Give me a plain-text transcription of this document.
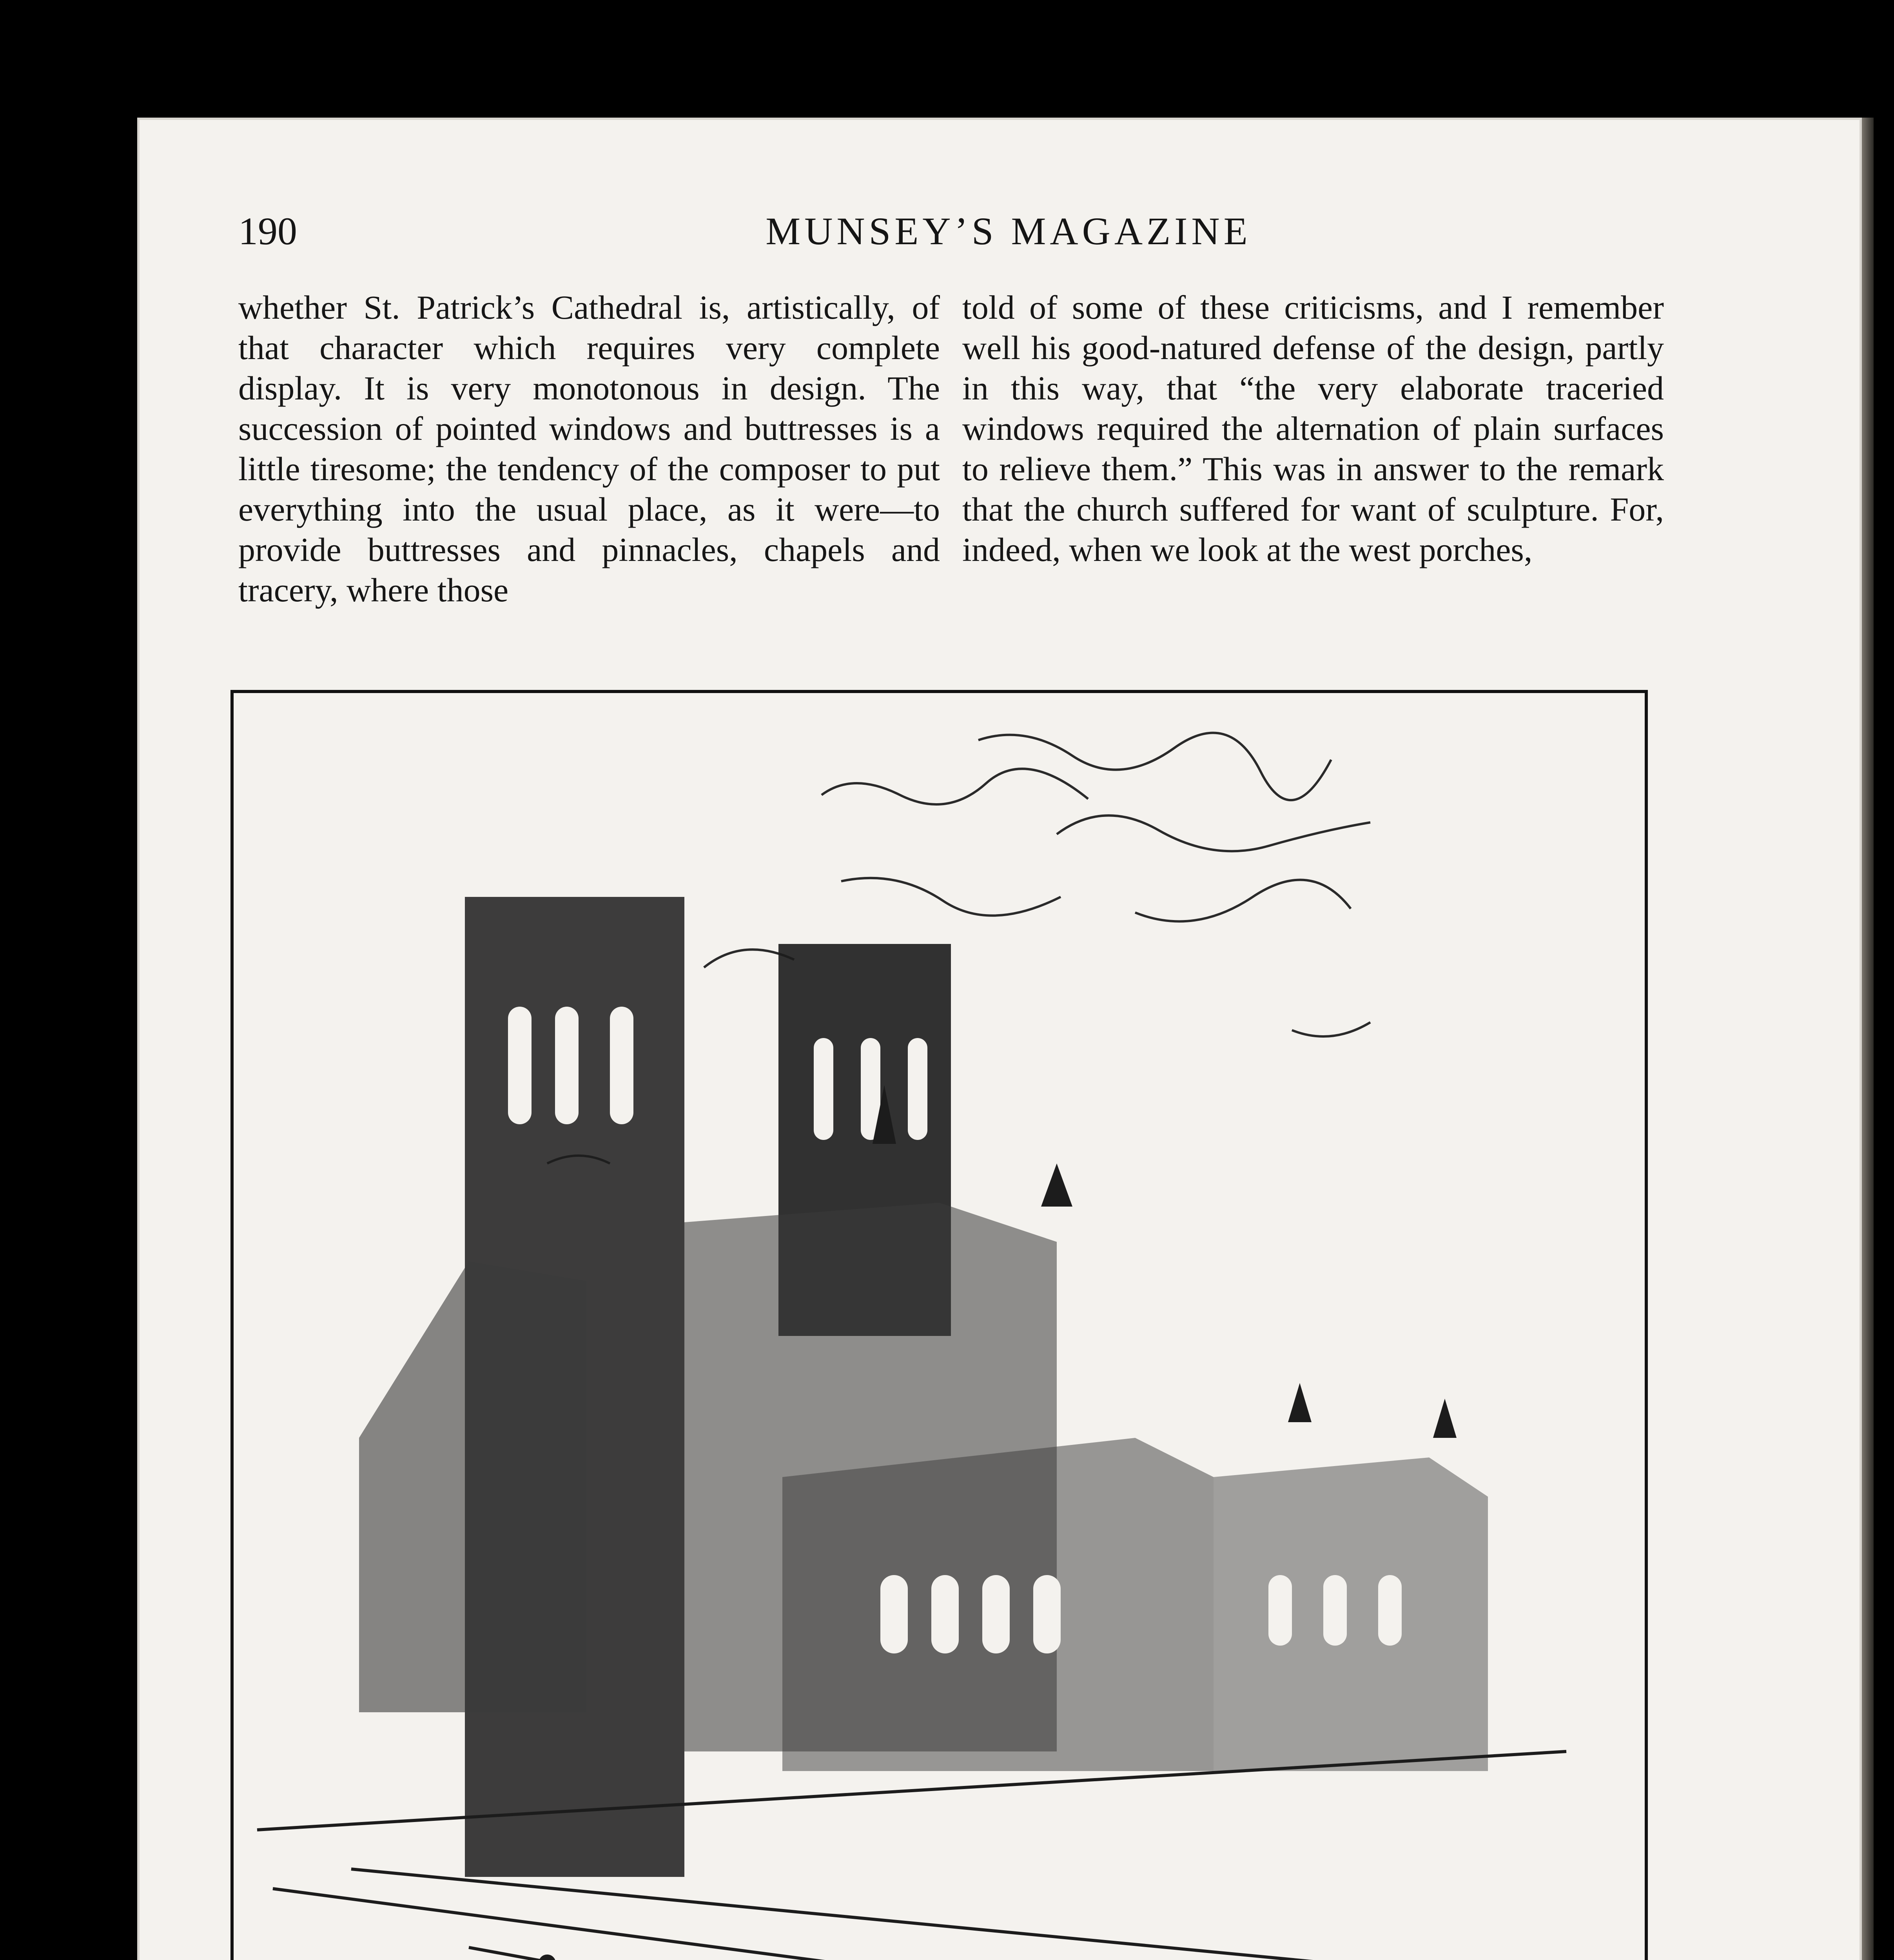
190	MUNSEY’S MAGAZINE

whether St. Patrick’s Cathedral is, artistically, of that character which requires very complete display. It is very monotonous in design. The succession of pointed windows and buttresses is a little tiresome; the tendency of the composer to put everything into the usual place, as it were—to provide buttresses and pinnacles, chapels and tracery, where those

told of some of these criticisms, and I remember well his good-natured defense of the design, partly in this way, that “the very elaborate traceried windows required the alternation of plain surfaces to relieve them.” This was in answer to the remark that the church suffered for want of sculpture. For, indeed, when we look at the west porches,
